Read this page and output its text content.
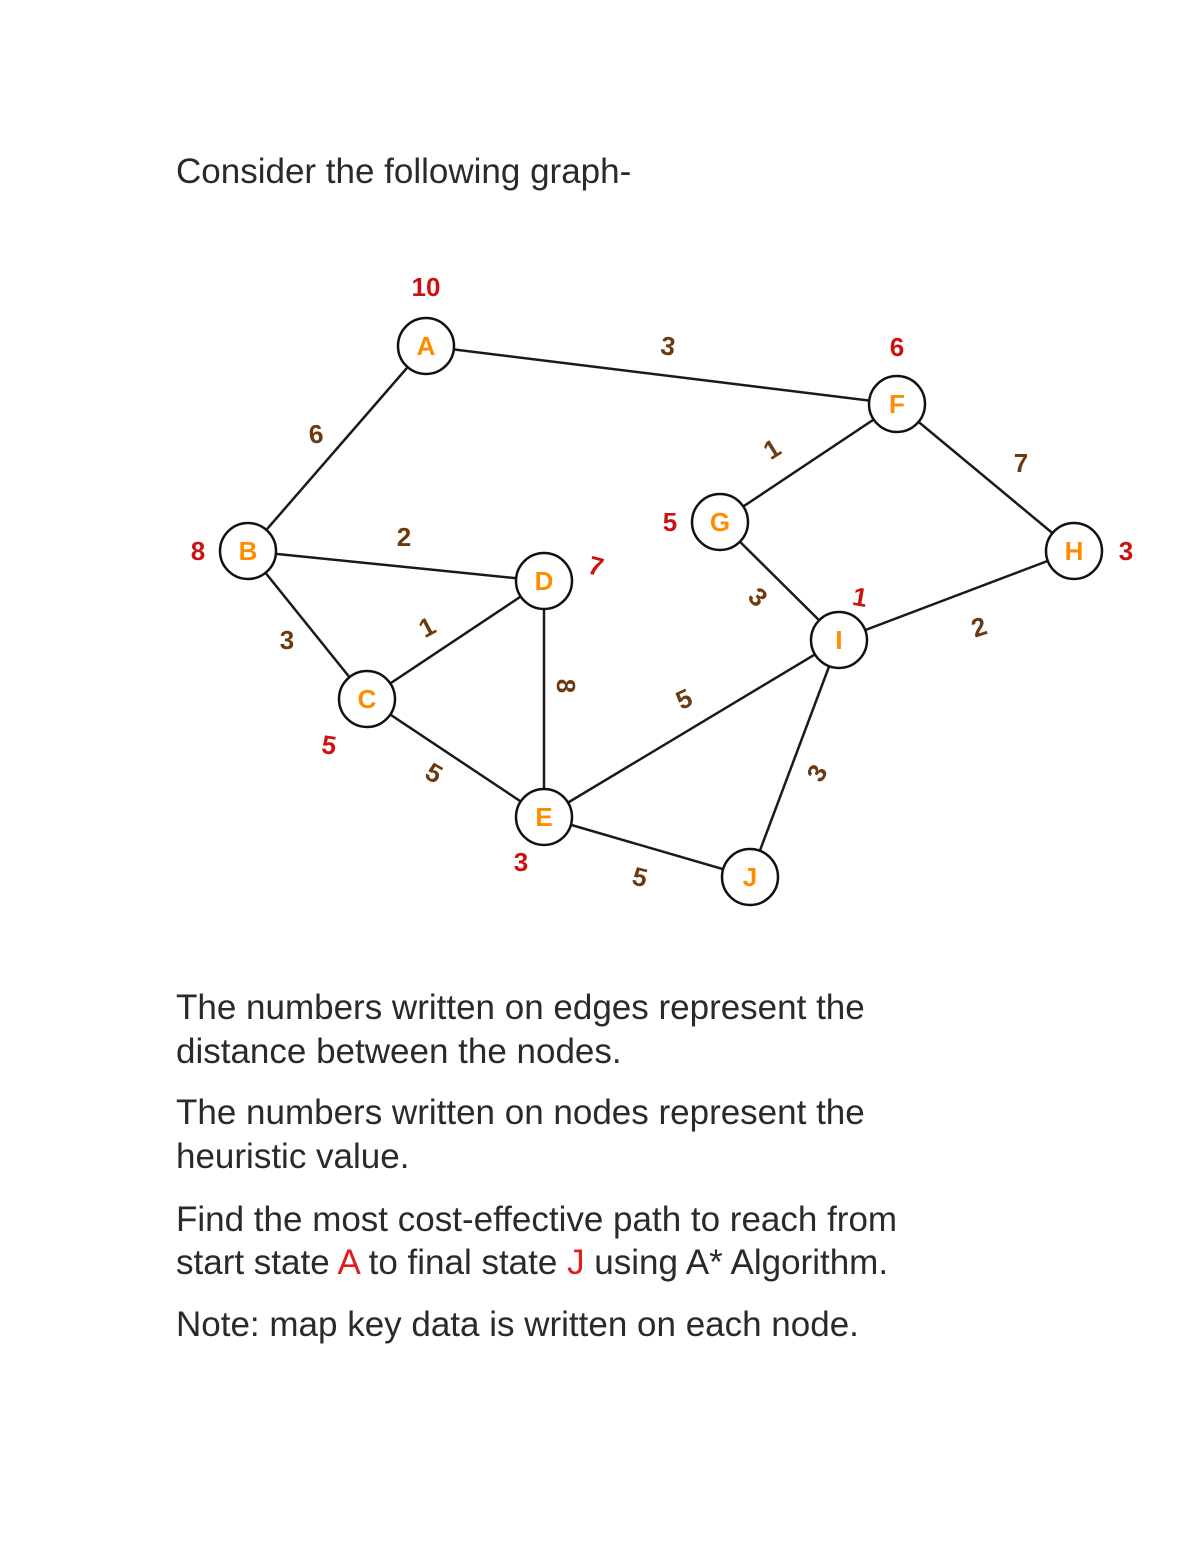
Consider the following graph-
3
6
2
3	1
5
8	5
5
1	7
3
2
3
A
B
C
D
E
F
G
H
I
J
10
8
5
7
3
6
5
3
1
The numbers written on edges represent the
distance between the nodes.
The numbers written on nodes represent the
heuristic value.
Find the most cost-effective path to reach from
start state A to final state J using A* Algorithm.
Note: map key data is written on each node.
